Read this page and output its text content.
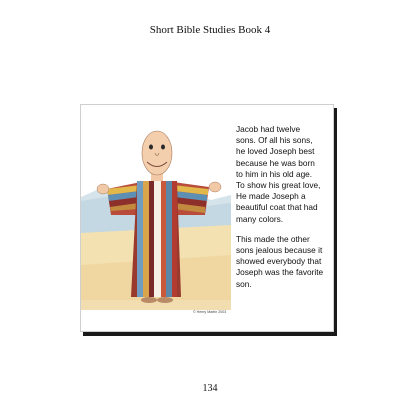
Short Bible Studies Book 4

Jacob had twelve
sons. Of all his sons,
he loved Joseph best
because he was born
to him in his old age.
To show his great love,
He made Joseph a
beautiful coat that had
many colors.

This made the other
sons jealous because it
showed everybody that
Joseph was the favorite
son.

© Henry Martin 2003
134
